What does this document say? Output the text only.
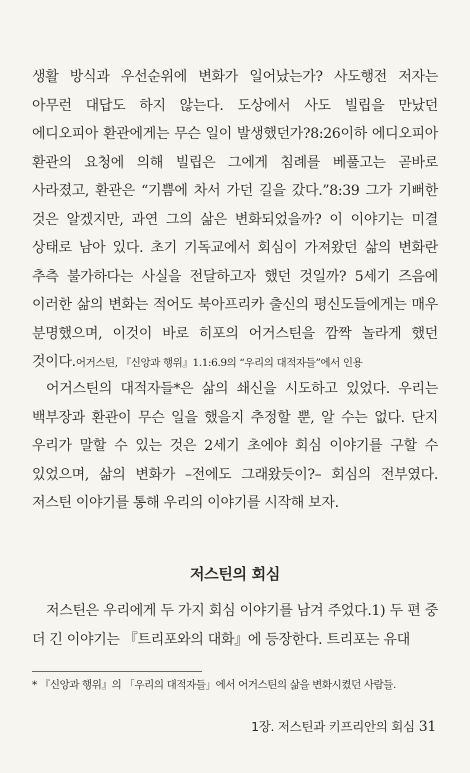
생활 방식과 우선순위에 변화가 일어났는가? 사도행전 저자는 아무런 대답도 하지 않는다. 도상에서 사도 빌립을 만났던 에디오피아 환관에게는 무슨 일이 발생했던가?8:26이하 에디오피아 환관의 요청에 의해 빌립은 그에게 침례를 베풀고는 곧바로 사라졌고, 환관은 “기쁨에 차서 가던 길을 갔다.”8:39 그가 기뻐한 것은 알겠지만, 과연 그의 삶은 변화되었을까? 이 이야기는 미결 상태로 남아 있다. 초기 기독교에서 회심이 가져왔던 삶의 변화란 추측 불가하다는 사실을 전달하고자 했던 것일까? 5세기 즈음에 이러한 삶의 변화는 적어도 북아프리카 출신의 평신도들에게는 매우 분명했으며, 이것이 바로 히포의 어거스틴을 깜짝 놀라게 했던 것이다.어거스틴, 『신앙과 행위』1.1:6.9의 “우리의 대적자들”에서 인용

어거스틴의 대적자들*은 삶의 쇄신을 시도하고 있었다. 우리는 백부장과 환관이 무슨 일을 했을지 추정할 뿐, 알 수는 없다. 단지 우리가 말할 수 있는 것은 2세기 초에야 회심 이야기를 구할 수 있었으며, 삶의 변화가 –전에도 그래왔듯이?– 회심의 전부였다. 저스틴 이야기를 통해 우리의 이야기를 시작해 보자.

저스틴의 회심

저스틴은 우리에게 두 가지 회심 이야기를 남겨 주었다.1) 두 편 중 더 긴 이야기는 『트리포와의 대화』에 등장한다. 트리포는 유대

* 『신앙과 행위』의 「우리의 대적자들」에서 어거스틴의 삶을 변화시켰던 사람들.

1장. 저스틴과 키프리안의 회심 31
